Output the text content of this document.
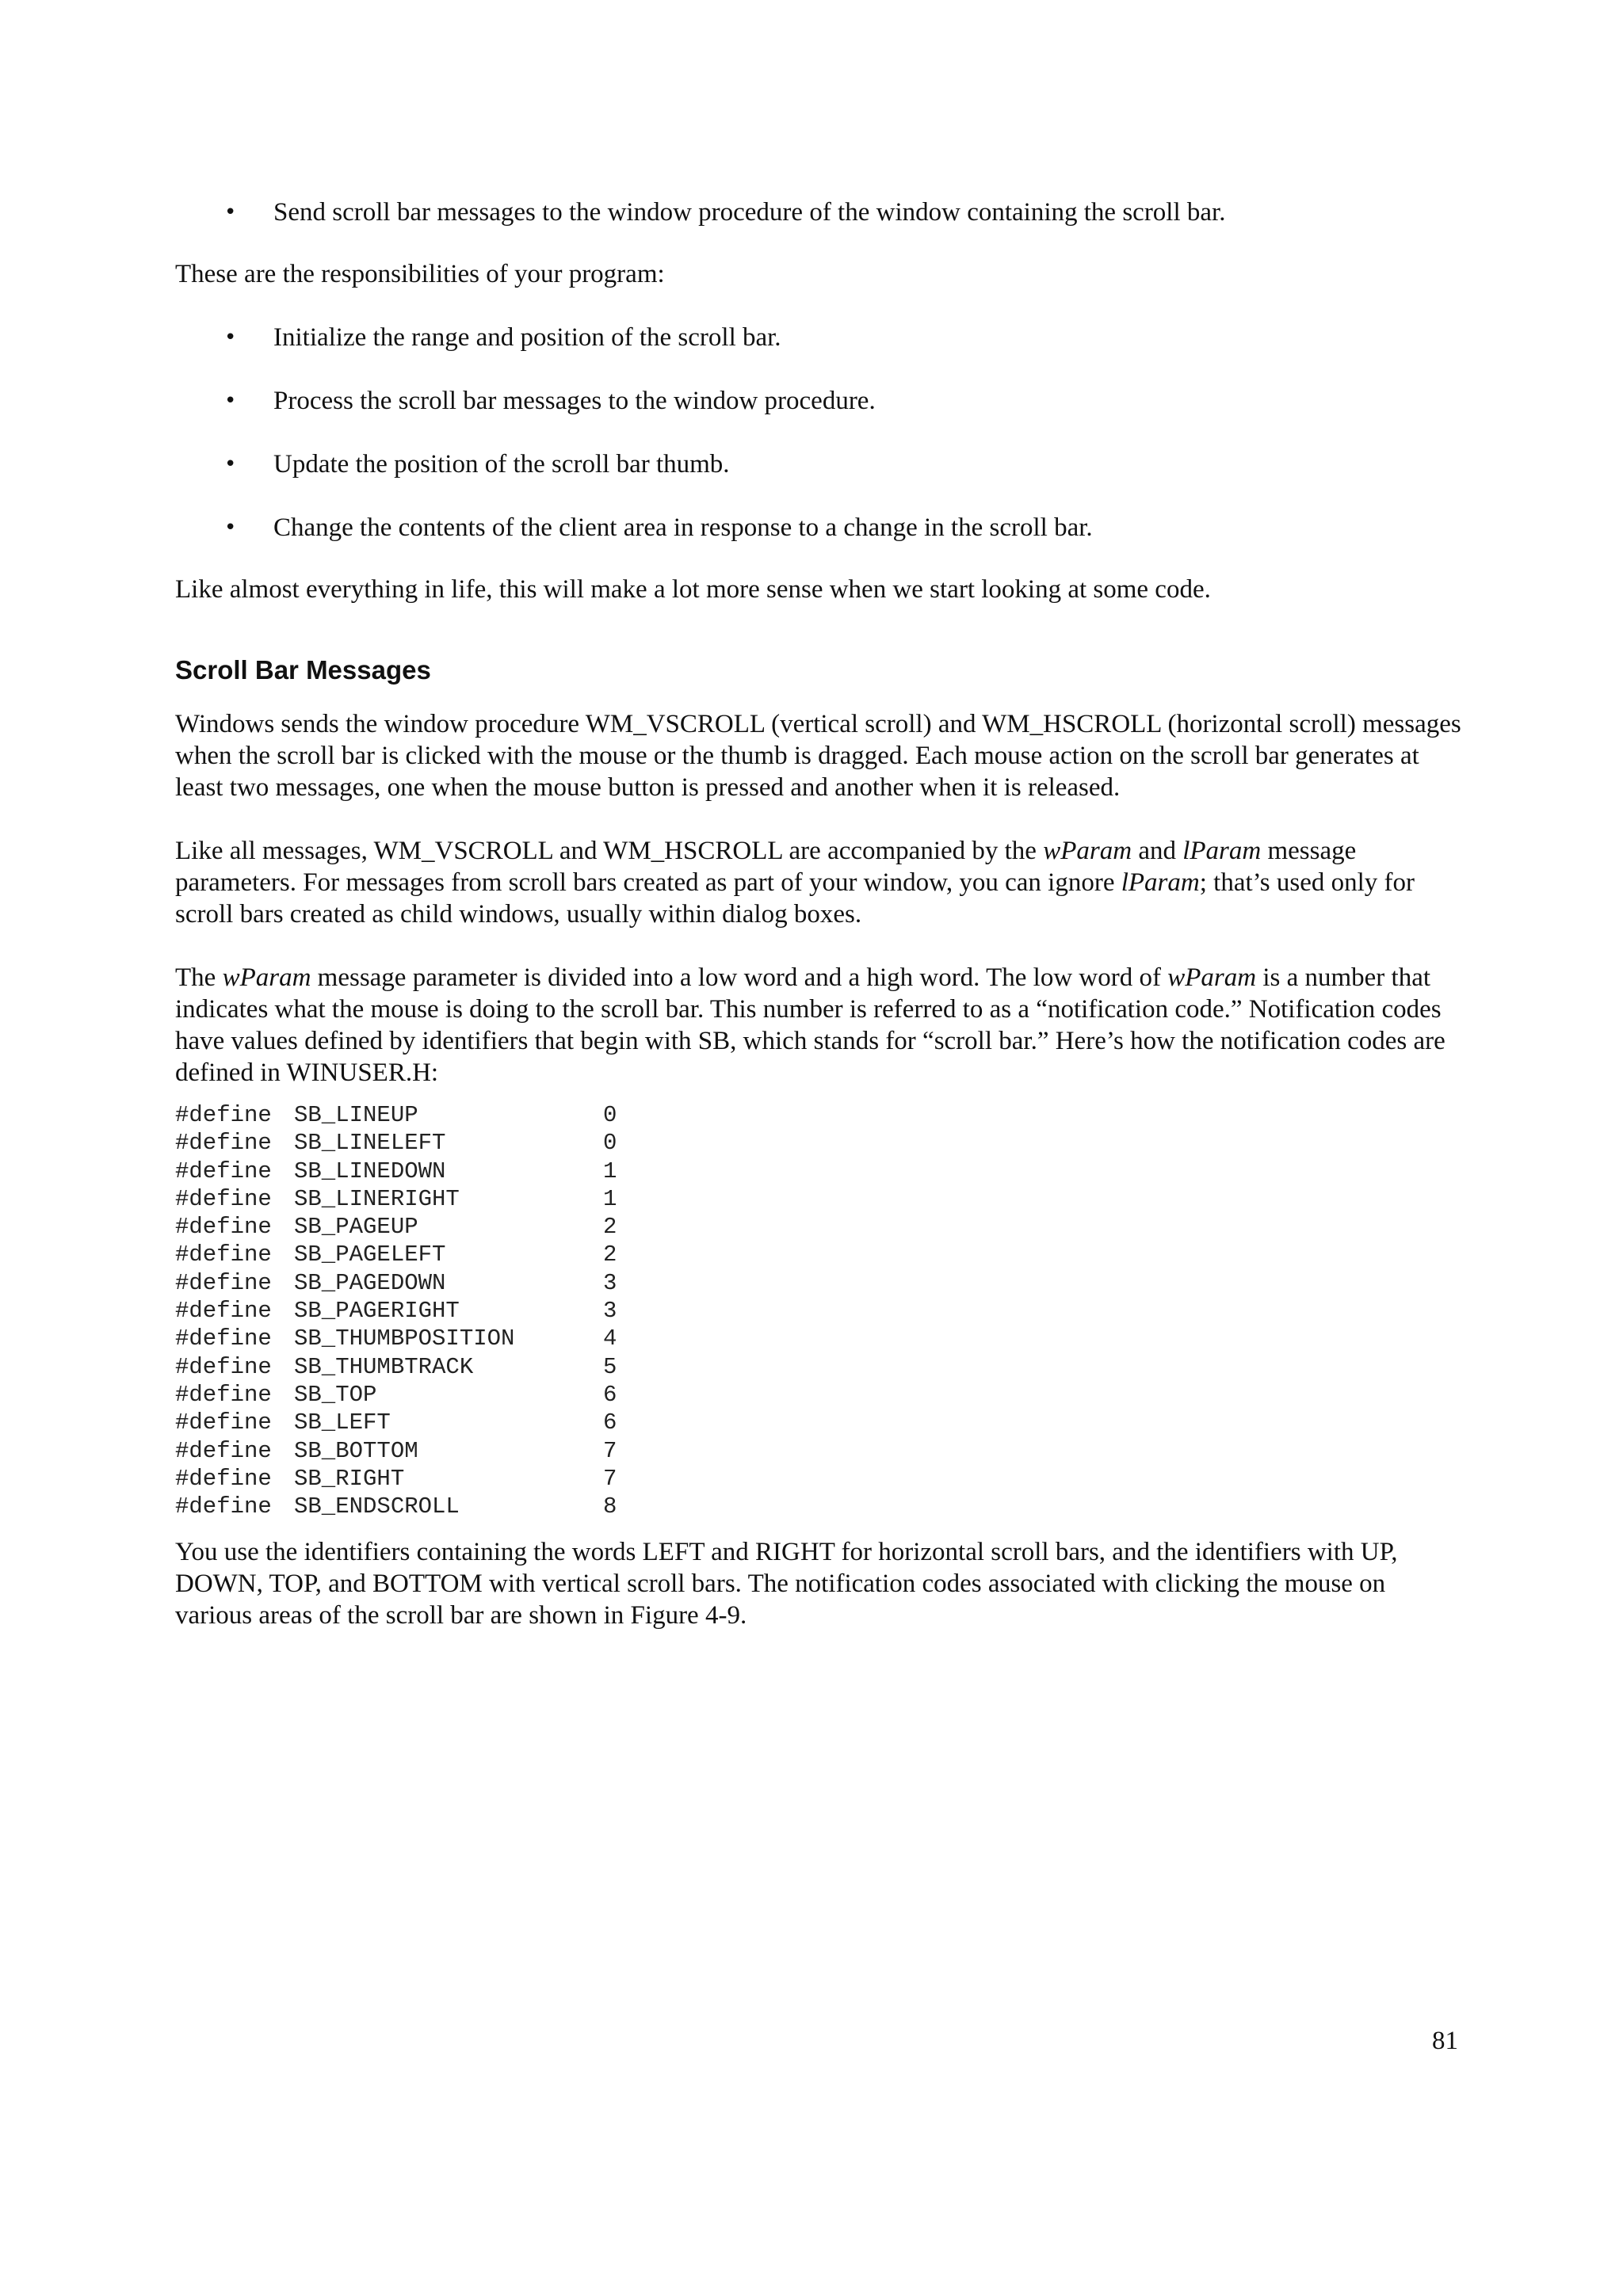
• Send scroll bar messages to the window procedure of the window containing the scroll bar.

These are the responsibilities of your program:

• Initialize the range and position of the scroll bar.
• Process the scroll bar messages to the window procedure.
• Update the position of the scroll bar thumb.
• Change the contents of the client area in response to a change in the scroll bar.

Like almost everything in life, this will make a lot more sense when we start looking at some code.

Scroll Bar Messages

Windows sends the window procedure WM_VSCROLL (vertical scroll) and WM_HSCROLL (horizontal scroll) messages when the scroll bar is clicked with the mouse or the thumb is dragged. Each mouse action on the scroll bar generates at least two messages, one when the mouse button is pressed and another when it is released.

Like all messages, WM_VSCROLL and WM_HSCROLL are accompanied by the wParam and lParam message parameters. For messages from scroll bars created as part of your window, you can ignore lParam; that’s used only for scroll bars created as child windows, usually within dialog boxes.

The wParam message parameter is divided into a low word and a high word. The low word of wParam is a number that indicates what the mouse is doing to the scroll bar. This number is referred to as a “notification code.” Notification codes have values defined by identifiers that begin with SB, which stands for “scroll bar.” Here’s how the notification codes are defined in WINUSER.H:

#define SB_LINEUP	0
#define SB_LINELEFT	0
#define SB_LINEDOWN	1
#define SB_LINERIGHT	1
#define SB_PAGEUP	2
#define SB_PAGELEFT	2
#define SB_PAGEDOWN	3
#define SB_PAGERIGHT	3
#define SB_THUMBPOSITION	4
#define SB_THUMBTRACK	5
#define SB_TOP	6
#define SB_LEFT	6
#define SB_BOTTOM	7
#define SB_RIGHT	7
#define SB_ENDSCROLL	8

You use the identifiers containing the words LEFT and RIGHT for horizontal scroll bars, and the identifiers with UP, DOWN, TOP, and BOTTOM with vertical scroll bars. The notification codes associated with clicking the mouse on various areas of the scroll bar are shown in Figure 4-9.

81
